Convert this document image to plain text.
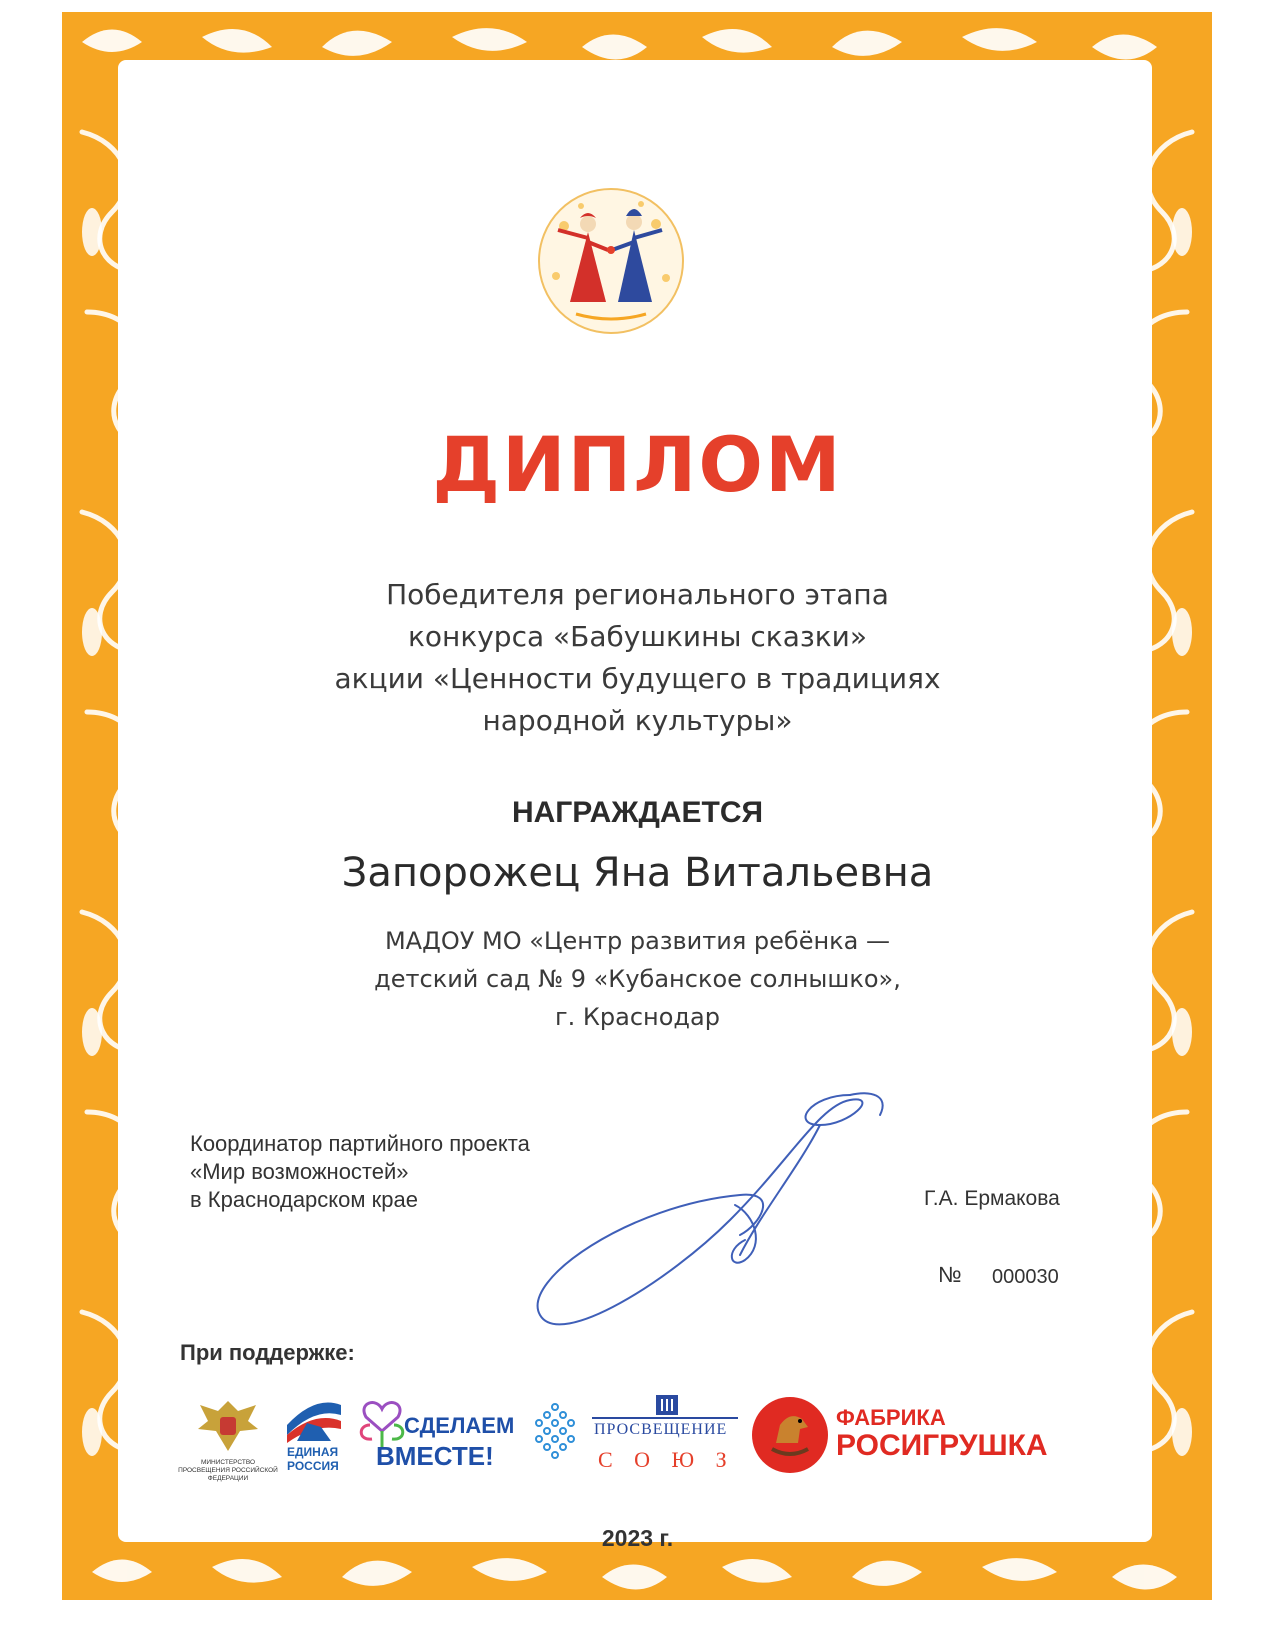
ДИПЛОМ
Победителя регионального этапа
конкурса «Бабушкины сказки»
акции «Ценности будущего в традициях
народной культуры»
НАГРАЖДАЕТСЯ
Запорожец Яна Витальевна
МАДОУ МО «Центр развития ребёнка —
детский сад № 9 «Кубанское солнышко»,
г. Краснодар
Координатор партийного проекта
«Мир возможностей»
в Краснодарском крае	Г.А. Ермакова
№ 000030
При поддержке:
МИНИСТЕРСТВО ПРОСВЕЩЕНИЯ РОССИЙСКОЙ ФЕДЕРАЦИИ
ЕДИНАЯ
РОССИЯ
СДЕЛАЕМ
ВМЕСТЕ!
ПРОСВЕЩЕНИЕ
С О Ю З
ФАБРИКА
РОСИГРУШКА
2023 г.
